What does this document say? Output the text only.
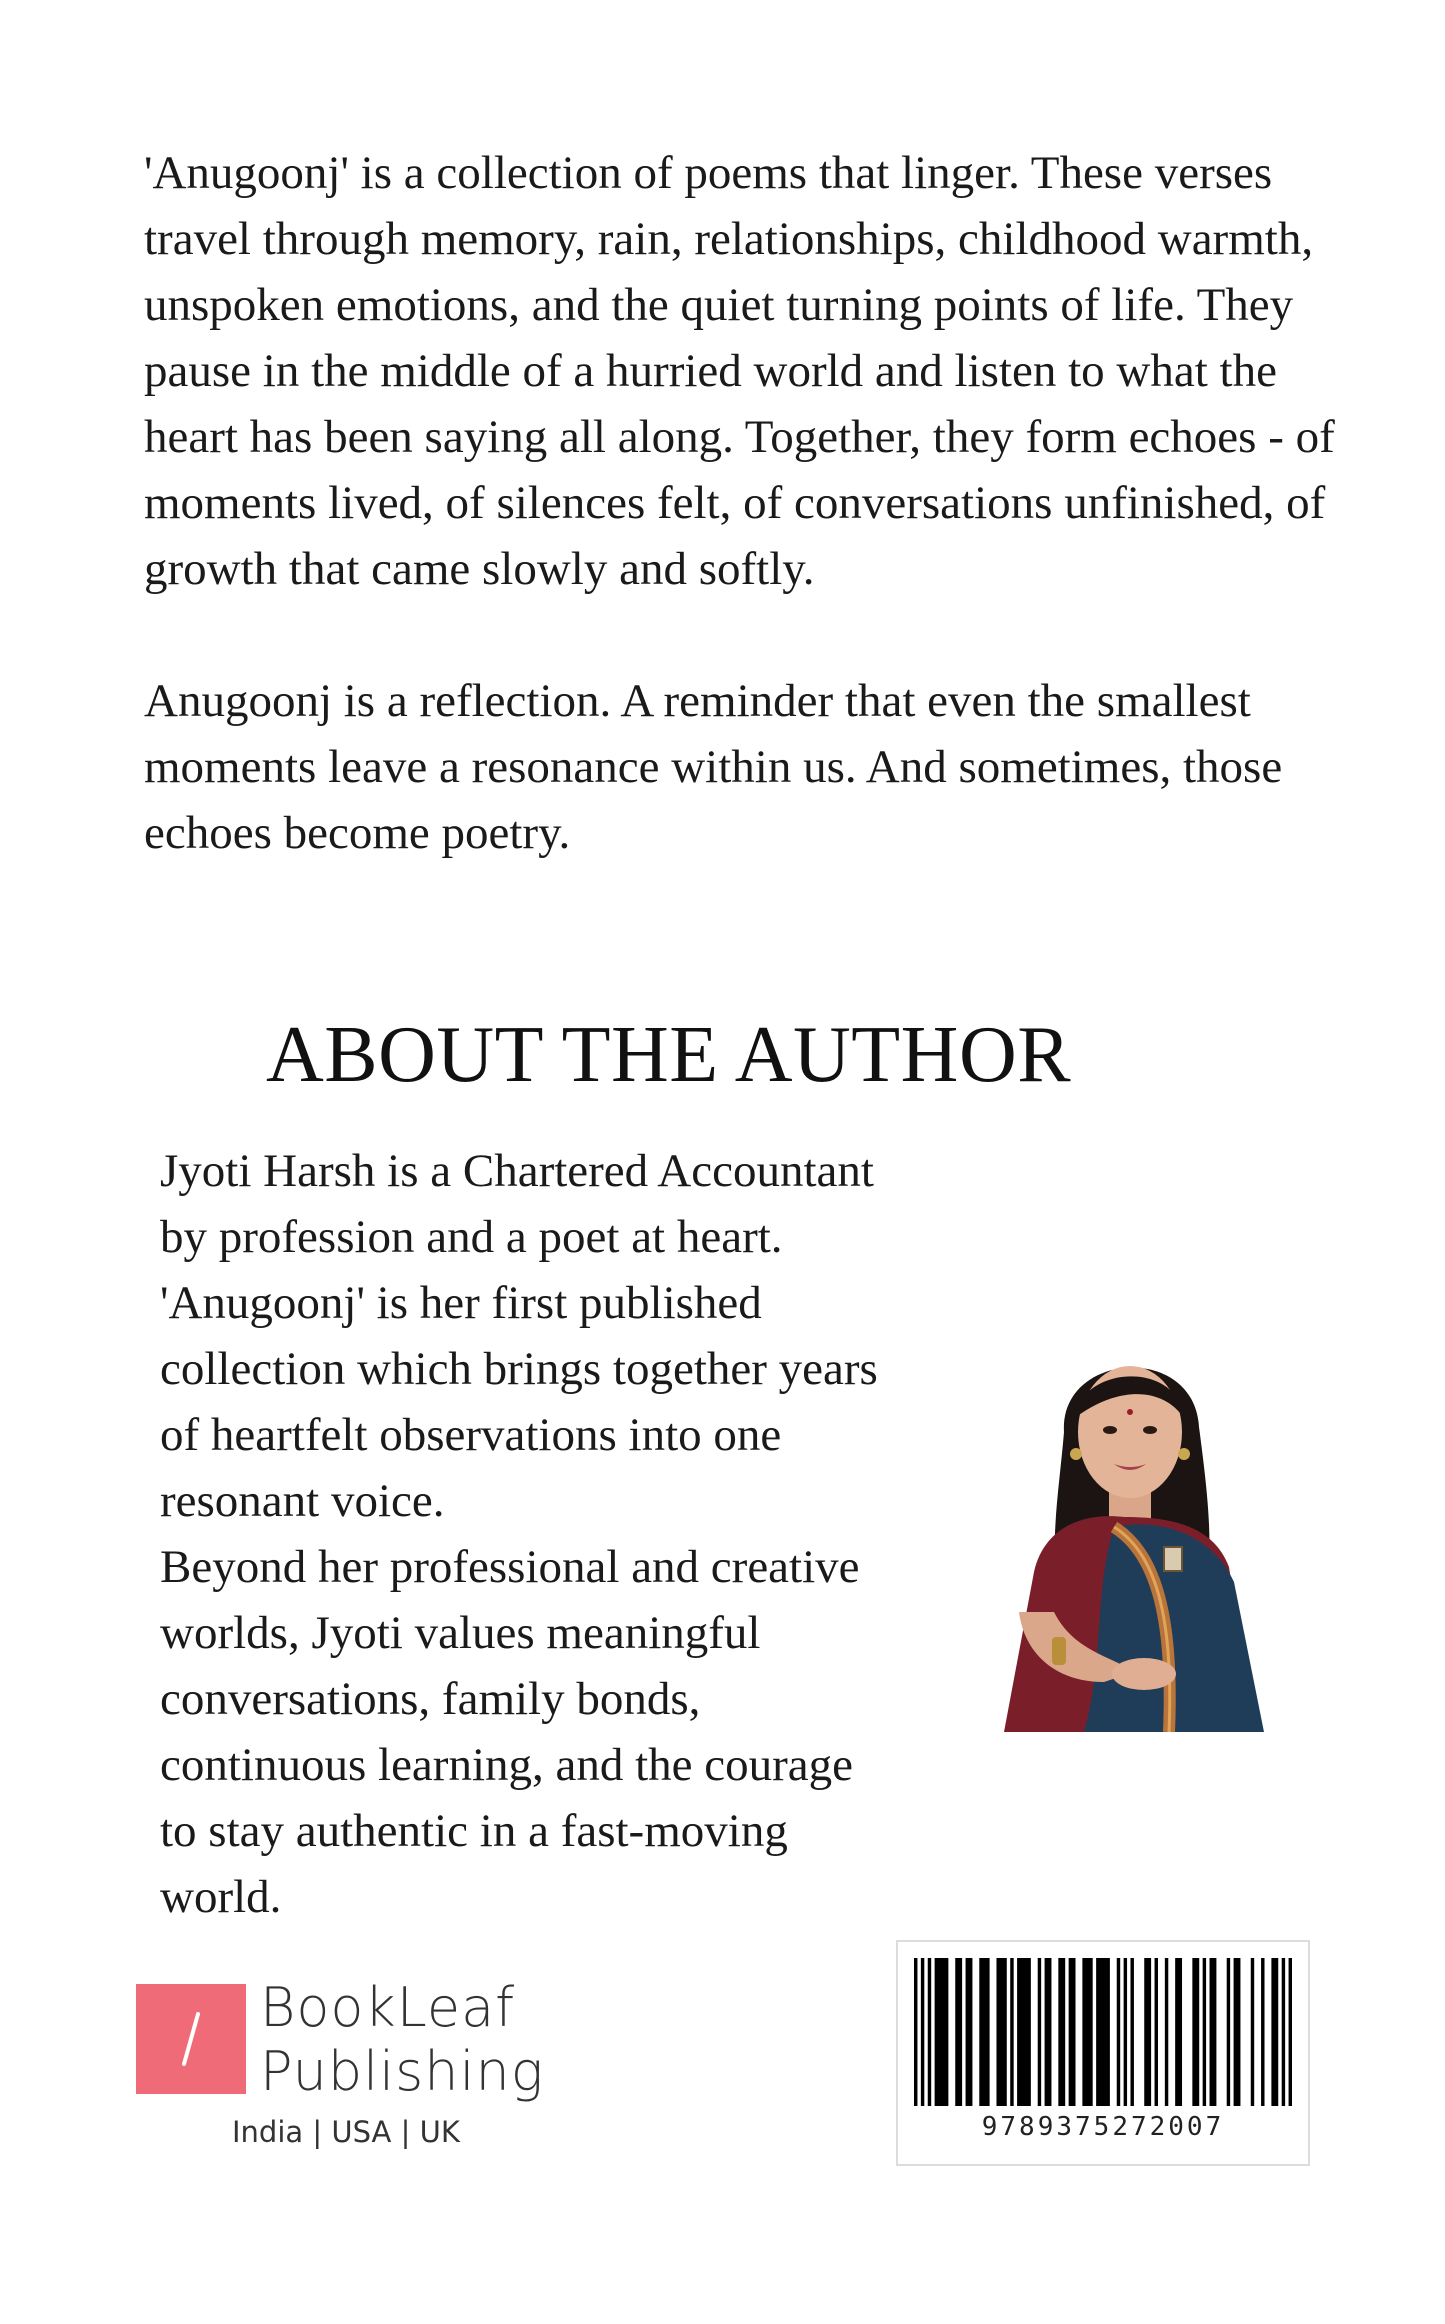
'Anugoonj' is a collection of poems that linger. These verses travel through memory, rain, relationships, childhood warmth, unspoken emotions, and the quiet turning points of life. They pause in the middle of a hurried world and listen to what the heart has been saying all along. Together, they form echoes - of moments lived, of silences felt, of conversations unfinished, of growth that came slowly and softly.

Anugoonj is a reflection. A reminder that even the smallest moments leave a resonance within us. And sometimes, those echoes become poetry.

ABOUT THE AUTHOR

Jyoti Harsh is a Chartered Accountant

by profession and a poet at heart.

'Anugoonj' is her first published

collection which brings together years

of heartfelt observations into one

resonant voice.

Beyond her professional and creative

worlds, Jyoti values meaningful

conversations, family bonds,

continuous learning, and the courage

to stay authentic in a fast-moving

world.

BookLeaf
Publishing
India | USA | UK	9789375272007
